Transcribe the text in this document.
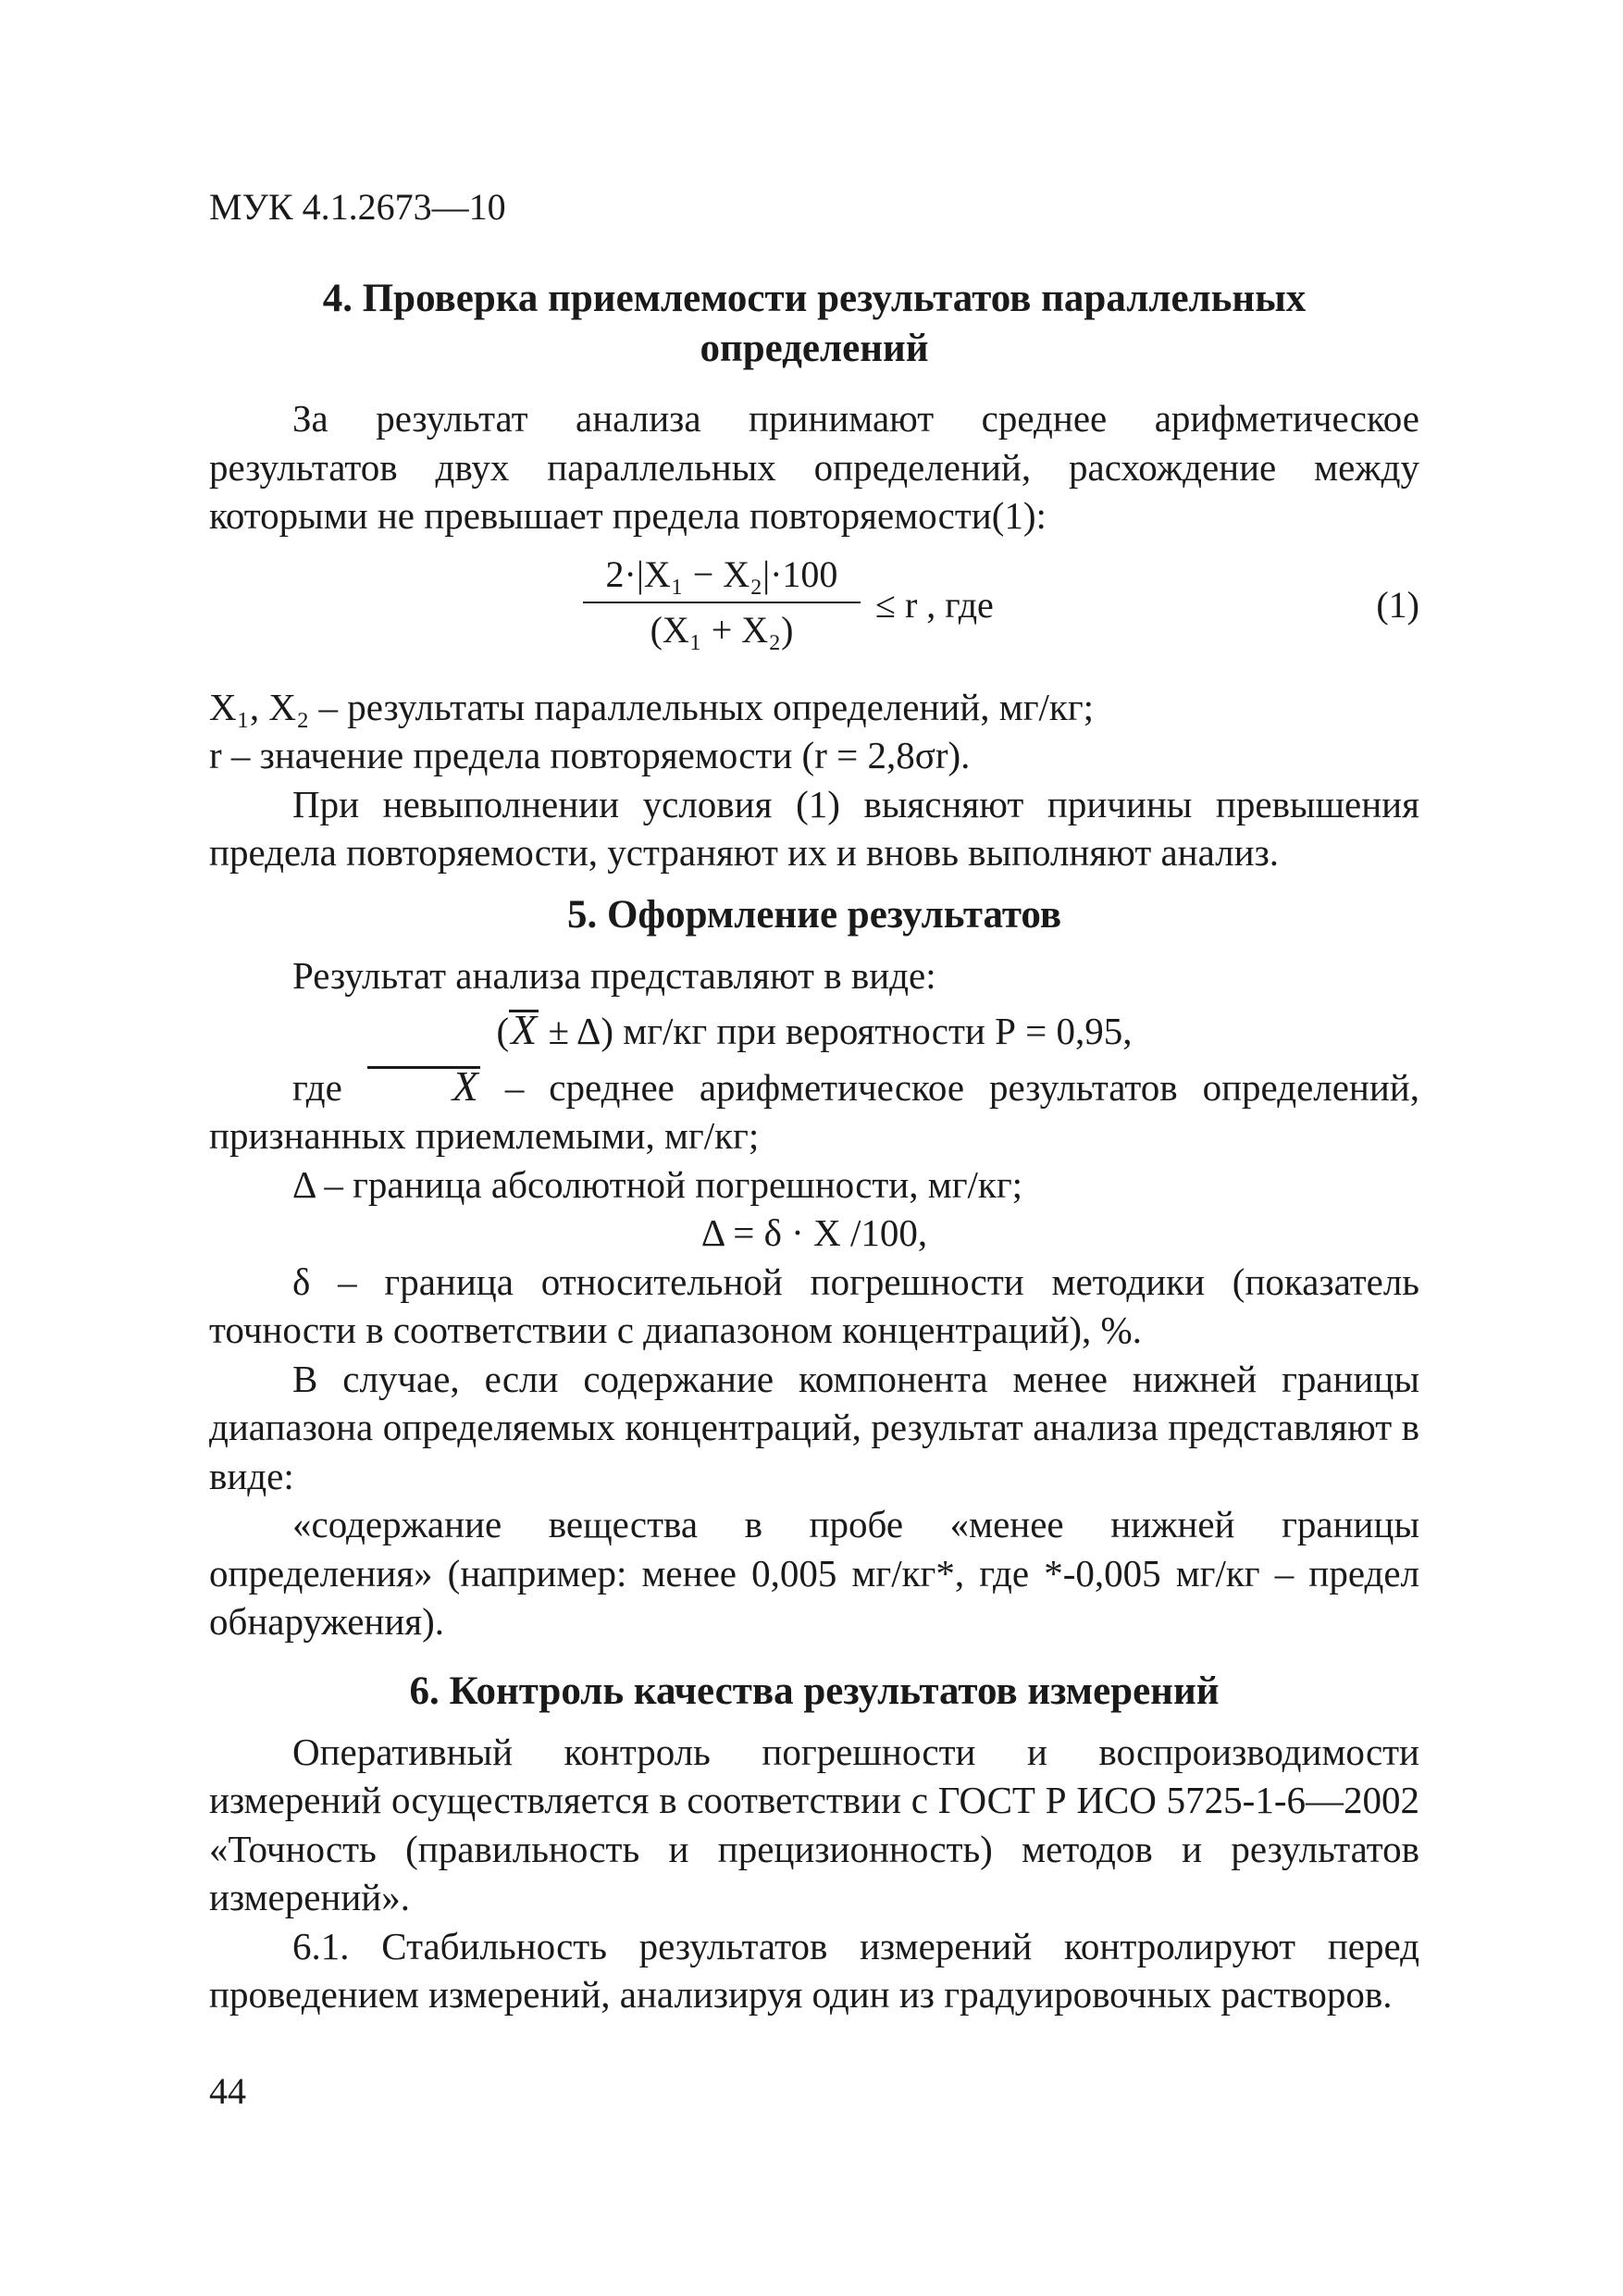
МУК 4.1.2673—10
4. Проверка приемлемости результатов параллельных
определений

За результат анализа принимают среднее арифметическое результатов двух параллельных определений, расхождение между которыми не превышает предела повторяемости(1):

2·|X₁ − X₂|·100
(X₁ + X₂)
≤ r , где	(1)

X₁, X₂ – результаты параллельных определений, мг/кг;

r – значение предела повторяемости (r = 2,8σr).

При невыполнении условия (1) выясняют причины превышения предела повторяемости, устраняют их и вновь выполняют анализ.

5. Оформление результатов

Результат анализа представляют в виде:

(X ± Δ) мг/кг при вероятности Р = 0,95,

где	X – среднее арифметическое результатов определений, признанных приемлемыми, мг/кг;

Δ – граница абсолютной погрешности, мг/кг;

Δ = δ · Х /100,

δ – граница относительной погрешности методики (показатель точности в соответствии с диапазоном концентраций), %.

В случае, если содержание компонента менее нижней границы диапазона определяемых концентраций, результат анализа представляют в виде:

«содержание вещества в пробе «менее нижней границы определения» (например: менее 0,005 мг/кг*, где *-0,005 мг/кг – предел обнаружения).

6. Контроль качества результатов измерений

Оперативный контроль погрешности и воспроизводимости измерений осуществляется в соответствии с ГОСТ Р ИСО 5725-1-6—2002 «Точность (правильность и прецизионность) методов и результатов измерений».

6.1. Стабильность результатов измерений контролируют перед проведением измерений, анализируя один из градуировочных растворов.

44
